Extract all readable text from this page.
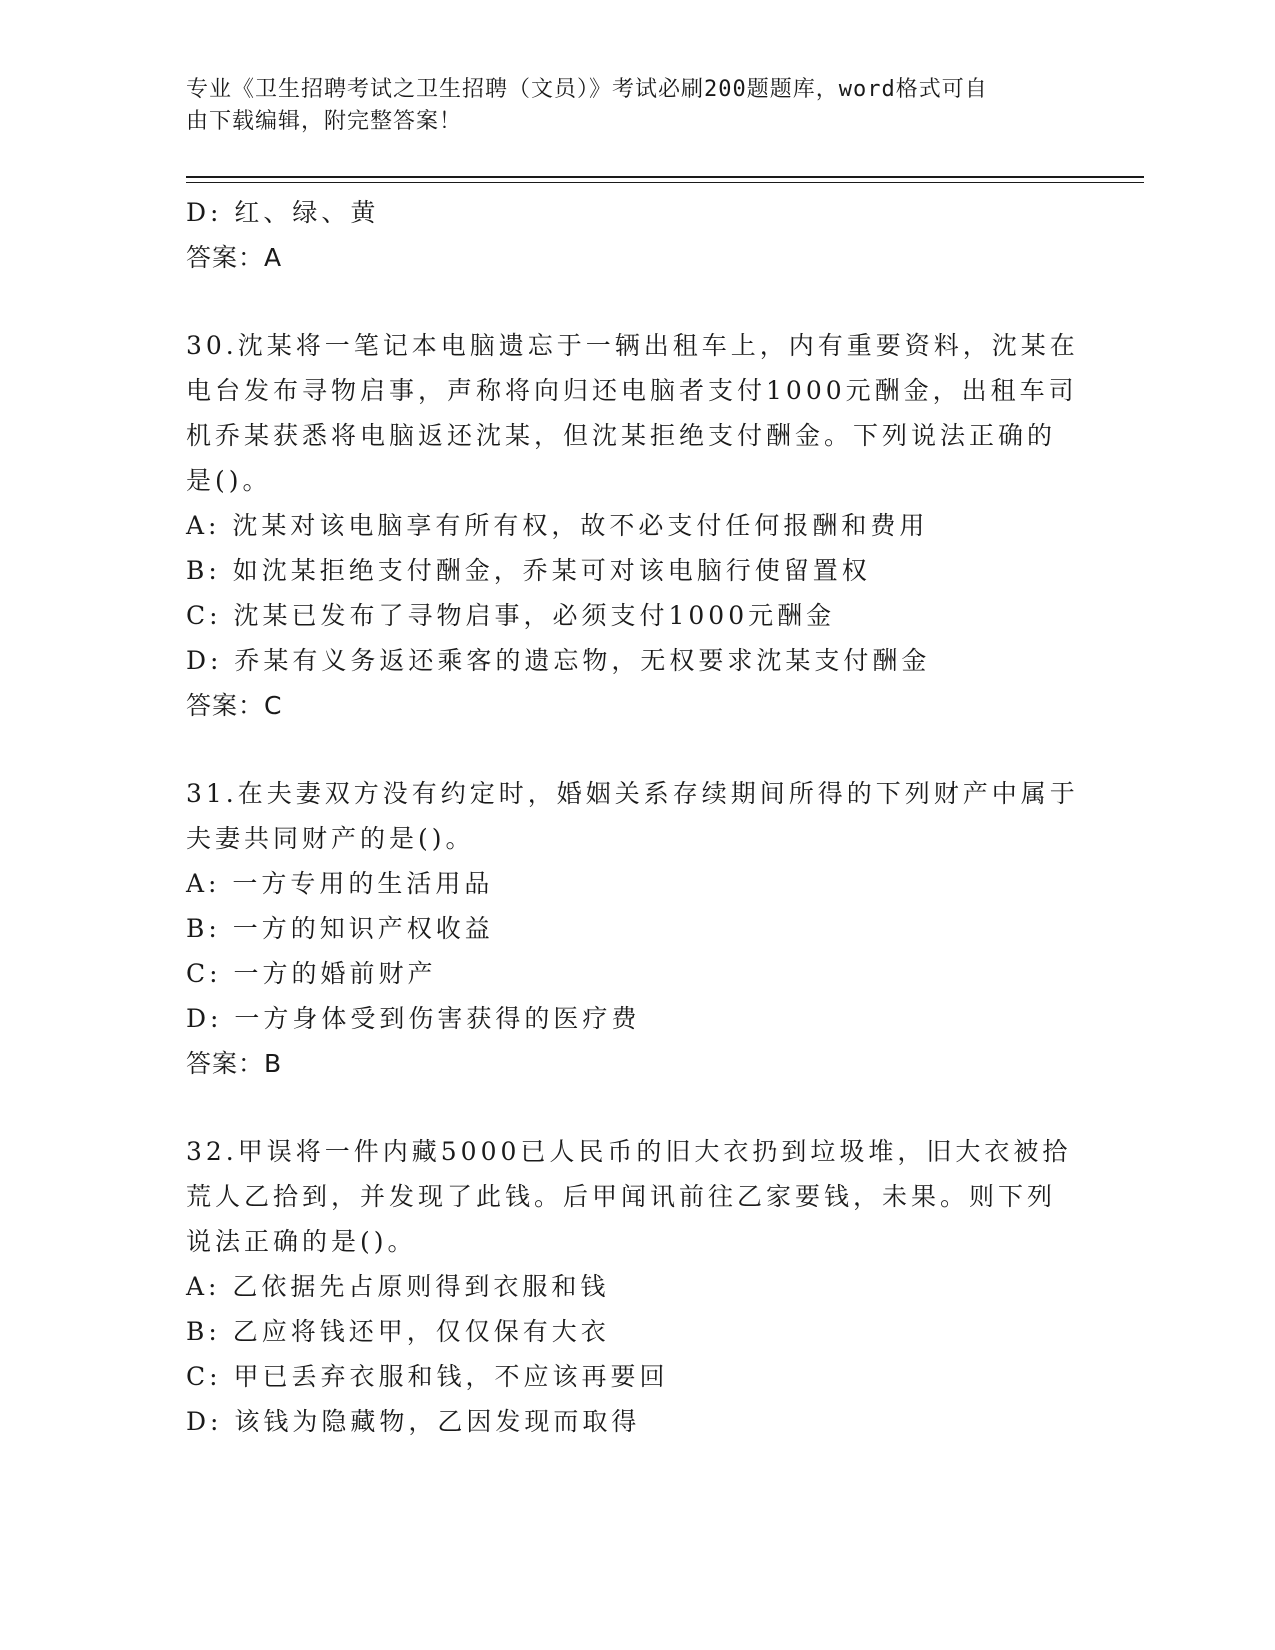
专业《卫生招聘考试之卫生招聘（文员）》考试必刷200题题库，word格式可自
由下载编辑，附完整答案！
D: 红、绿、黄
答案：A
30.沈某将一笔记本电脑遗忘于一辆出租车上，内有重要资料，沈某在
电台发布寻物启事，声称将向归还电脑者支付1000元酬金，出租车司
机乔某获悉将电脑返还沈某，但沈某拒绝支付酬金。下列说法正确的
是()。
A: 沈某对该电脑享有所有权，故不必支付任何报酬和费用
B: 如沈某拒绝支付酬金，乔某可对该电脑行使留置权
C: 沈某已发布了寻物启事，必须支付1000元酬金
D: 乔某有义务返还乘客的遗忘物，无权要求沈某支付酬金
答案：C
31.在夫妻双方没有约定时，婚姻关系存续期间所得的下列财产中属于
夫妻共同财产的是()。
A: 一方专用的生活用品
B: 一方的知识产权收益
C: 一方的婚前财产
D: 一方身体受到伤害获得的医疗费
答案：B
32.甲误将一件内藏5000已人民币的旧大衣扔到垃圾堆，旧大衣被拾
荒人乙拾到，并发现了此钱。后甲闻讯前往乙家要钱，未果。则下列
说法正确的是()。
A: 乙依据先占原则得到衣服和钱
B: 乙应将钱还甲，仅仅保有大衣
C: 甲已丢弃衣服和钱，不应该再要回
D: 该钱为隐藏物，乙因发现而取得
